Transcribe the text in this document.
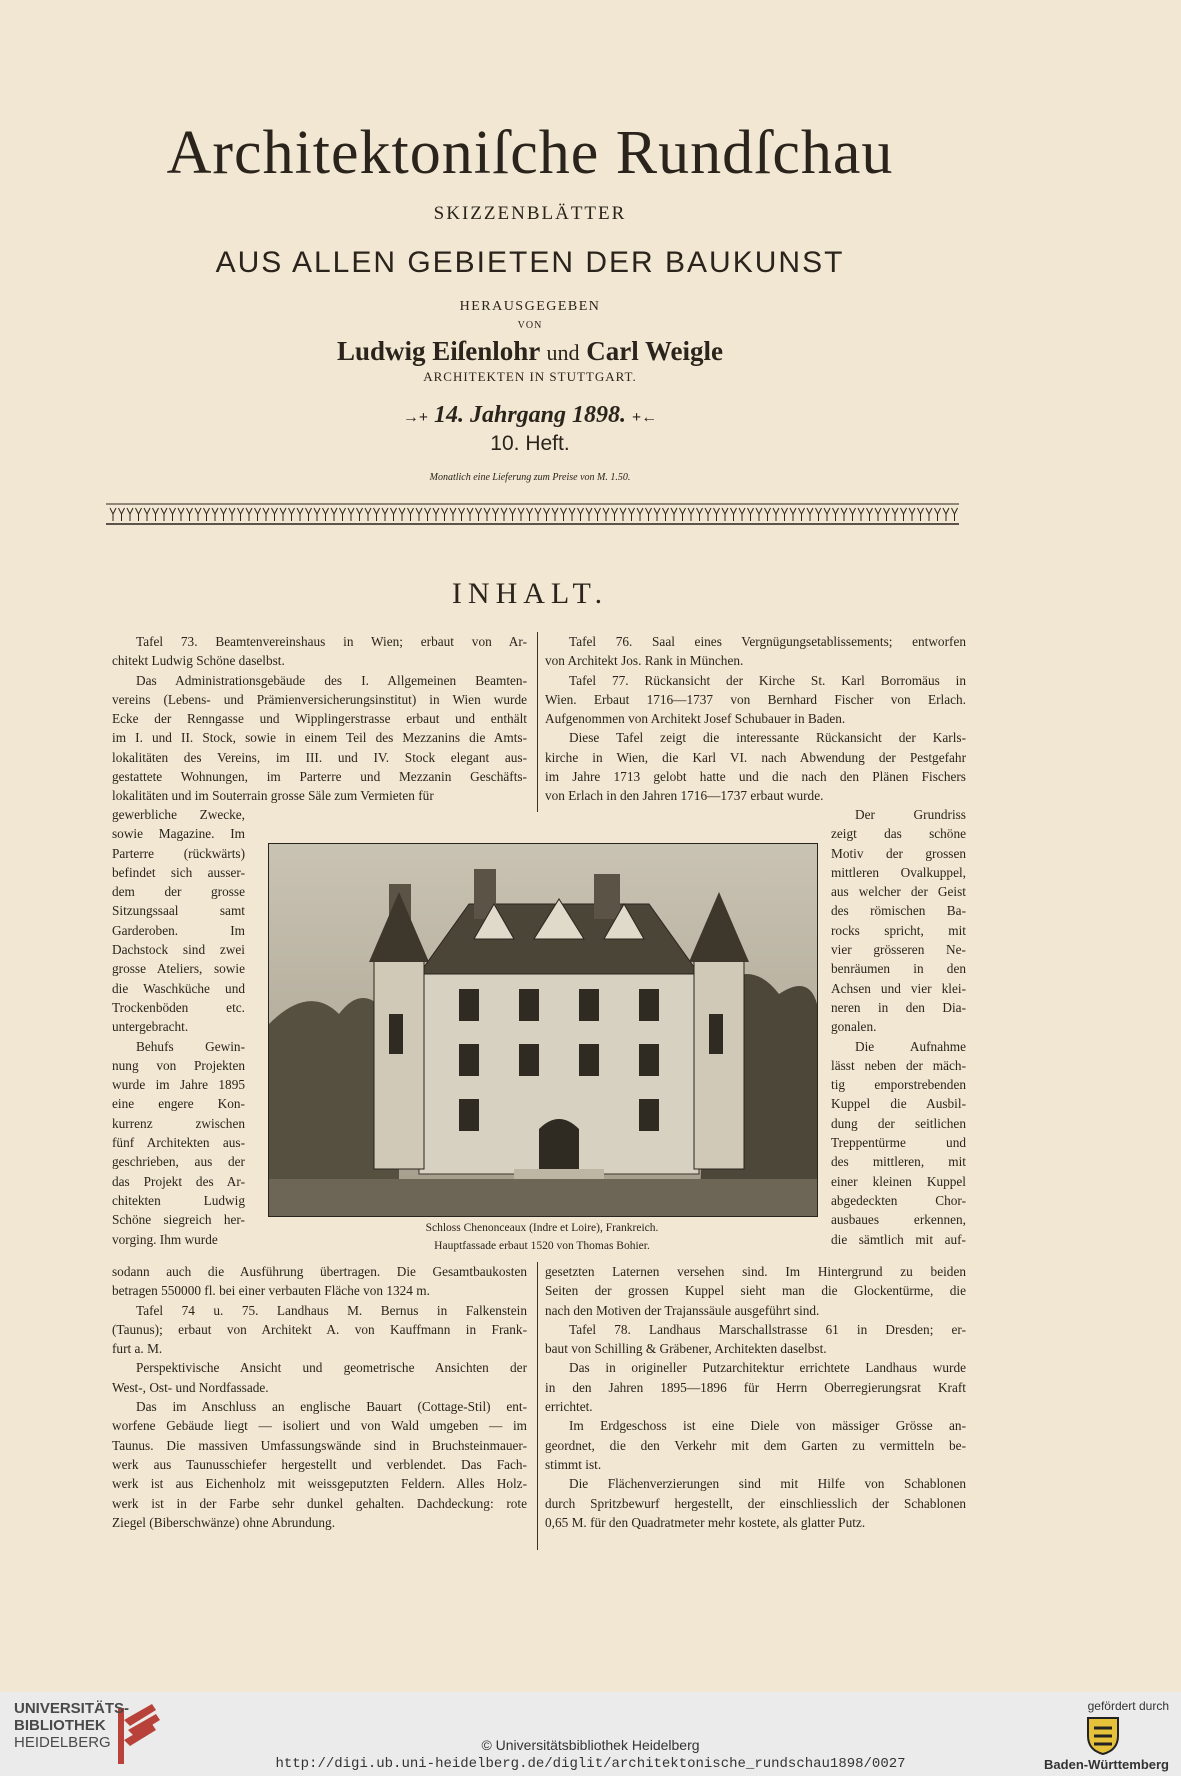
Architektoniſche Rundſchau
SKIZZENBLÄTTER
AUS ALLEN GEBIETEN DER BAUKUNST
HERAUSGEGEBEN
VON
Ludwig Eiſenlohr und Carl Weigle
ARCHITEKTEN IN STUTTGART.
→+ 14. Jahrgang 1898. +←
10. Heft.
Monatlich eine Lieferung zum Preise von M. 1.50.
INHALT.
Tafel 73. Beamtenvereinshaus in Wien; erbaut von Ar-
chitekt Ludwig Schöne daselbst.
Das Administrationsgebäude des I. Allgemeinen Beamten-
vereins (Lebens- und Prämienversicherungsinstitut) in Wien wurde
Ecke der Renngasse und Wipplingerstrasse erbaut und enthält
im I. und II. Stock, sowie in einem Teil des Mezzanins die Amts-
lokalitäten des Vereins, im III. und IV. Stock elegant aus-
gestattete Wohnungen, im Parterre und Mezzanin Geschäfts-
lokalitäten und im Souterrain grosse Säle zum Vermieten für
gewerbliche Zwecke,
sowie Magazine. Im
Parterre (rückwärts)
befindet sich ausser-
dem der grosse
Sitzungssaal samt
Garderoben. Im
Dachstock sind zwei
grosse Ateliers, sowie
die Waschküche und
Trockenböden etc.
untergebracht.
Behufs Gewin-
nung von Projekten
wurde im Jahre 1895
eine engere Kon-
kurrenz zwischen
fünf Architekten aus-
geschrieben, aus der
das Projekt des Ar-
chitekten Ludwig
Schöne siegreich her-
vorging. Ihm wurde
sodann auch die Ausführung übertragen. Die Gesamtbaukosten
betragen 550000 fl. bei einer verbauten Fläche von 1324 m.
Tafel 74 u. 75. Landhaus M. Bernus in Falkenstein
(Taunus); erbaut von Architekt A. von Kauffmann in Frank-
furt a. M.
Perspektivische Ansicht und geometrische Ansichten der
West-, Ost- und Nordfassade.
Das im Anschluss an englische Bauart (Cottage-Stil) ent-
worfene Gebäude liegt — isoliert und von Wald umgeben — im
Taunus. Die massiven Umfassungswände sind in Bruchsteinmauer-
werk aus Taunusschiefer hergestellt und verblendet. Das Fach-
werk ist aus Eichenholz mit weissgeputzten Feldern. Alles Holz-
werk ist in der Farbe sehr dunkel gehalten. Dachdeckung: rote
Ziegel (Biberschwänze) ohne Abrundung.
Tafel 76. Saal eines Vergnügungsetablissements; entworfen
von Architekt Jos. Rank in München.
Tafel 77. Rückansicht der Kirche St. Karl Borromäus in
Wien. Erbaut 1716—1737 von Bernhard Fischer von Erlach.
Aufgenommen von Architekt Josef Schubauer in Baden.
Diese Tafel zeigt die interessante Rückansicht der Karls-
kirche in Wien, die Karl VI. nach Abwendung der Pestgefahr
im Jahre 1713 gelobt hatte und die nach den Plänen Fischers
von Erlach in den Jahren 1716—1737 erbaut wurde.
Der Grundriss
zeigt das schöne
Motiv der grossen
mittleren Ovalkuppel,
aus welcher der Geist
des römischen Ba-
rocks spricht, mit
vier grösseren Ne-
benräumen in den
Achsen und vier klei-
neren in den Dia-
gonalen.
Die Aufnahme
lässt neben der mäch-
tig emporstrebenden
Kuppel die Ausbil-
dung der seitlichen
Treppentürme und
des mittleren, mit
einer kleinen Kuppel
abgedeckten Chor-
ausbaues erkennen,
die sämtlich mit auf-
gesetzten Laternen versehen sind. Im Hintergrund zu beiden
Seiten der grossen Kuppel sieht man die Glockentürme, die
nach den Motiven der Trajanssäule ausgeführt sind.
Tafel 78. Landhaus Marschallstrasse 61 in Dresden; er-
baut von Schilling & Gräbener, Architekten daselbst.
Das in origineller Putzarchitektur errichtete Landhaus wurde
in den Jahren 1895—1896 für Herrn Oberregierungsrat Kraft
errichtet.
Im Erdgeschoss ist eine Diele von mässiger Grösse an-
geordnet, die den Verkehr mit dem Garten zu vermitteln be-
stimmt ist.
Die Flächenverzierungen sind mit Hilfe von Schablonen
durch Spritzbewurf hergestellt, der einschliesslich der Schablonen
0,65 M. für den Quadratmeter mehr kostete, als glatter Putz.
Schloss Chenonceaux (Indre et Loire), Frankreich.
Hauptfassade erbaut 1520 von Thomas Bohier.
UNIVERSITÄTS-
BIBLIOTHEK
HEIDELBERG	© Universitätsbibliothek Heidelberg
http://digi.ub.uni-heidelberg.de/diglit/architektonische_rundschau1898/0027
gefördert durch
Baden-Württemberg
